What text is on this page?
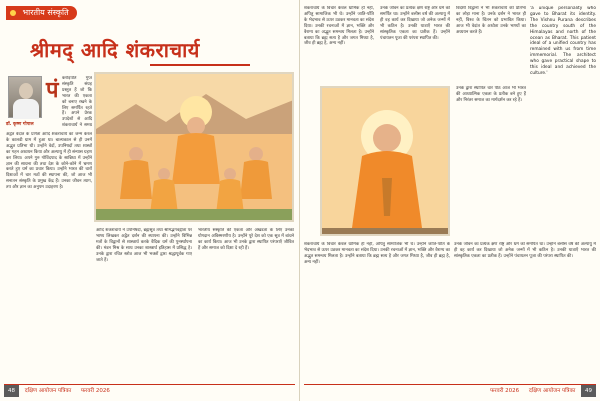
भारतीय संस्कृति
श्रीमद् आदि शंकराचार्य
डॉ. कृष्ण गोपाल
पं करोड़पति गुप्त संस्कृति संग्रह प्रस्तुत हैं जो कि भारत की एकता को बनाए रखने के लिए समर्पित रहते हैं। अपने प्रेरक उपदेशों से आदि शंकराचार्य ने समग्र
अद्वैत वेदांत के प्रणेता आदि शंकराचार्य का जन्म केरल के कालडी ग्राम में हुआ था। बाल्यकाल से ही उनमें अद्भुत प्रतिभा थी। उन्होंने वेदों, उपनिषदों तथा शास्त्रों का गहन अध्ययन किया और अल्पायु में ही संन्यास ग्रहण कर लिया। अपने गुरु गोविंदपाद के सान्निध्य में उन्होंने ज्ञान की साधना की तथा देश के कोने-कोने में भ्रमण करते हुए धर्म का प्रचार किया। उन्होंने भारत की चारों दिशाओं में चार मठों की स्थापना की, जो आज भी सनातन संस्कृति के प्रमुख केंद्र हैं। उनका जीवन त्याग, तप और ज्ञान का अनुपम उदाहरण है।
आदि शंकराचार्य ने उपनिषदों, ब्रह्मसूत्र तथा श्रीमद्भगवद्गीता पर भाष्य लिखकर अद्वैत दर्शन की स्थापना की। उन्होंने विभिन्न मतों के विद्वानों से शास्त्रार्थ करके वैदिक धर्म की पुनर्स्थापना की। मंडन मिश्र के साथ उनका शास्त्रार्थ इतिहास में प्रसिद्ध है। उनके द्वारा रचित स्तोत्र आज भी भक्तों द्वारा श्रद्धापूर्वक गाए जाते हैं।
भारतीय संस्कृति की एकता और अखंडता के लिए उनका योगदान अविस्मरणीय है। उन्होंने पूरे देश को एक सूत्र में बांधने का कार्य किया। आज भी उनके द्वारा स्थापित परंपराएँ जीवित हैं और समाज को दिशा दे रही हैं।
48 दक्षिण आयोजन पत्रिका फरवरी 2026
शंकराचार्य के विचार केवल धार्मिक ही नहीं, अपितु सामाजिक भी थे। उन्होंने जाति-पाँति के भेदभाव से ऊपर उठकर मानवता का संदेश दिया। उनकी रचनाओं में ज्ञान, भक्ति और वैराग्य का अद्भुत समन्वय मिलता है। उन्होंने बताया कि ब्रह्म सत्य है और जगत मिथ्या है, जीव ही ब्रह्म है, अन्य नहीं।
उनके जीवन का प्रत्येक क्षण राष्ट्र और धर्म को समर्पित था। उन्होंने बत्तीस वर्ष की अल्पायु में ही वह कार्य कर दिखाया जो अनेक जन्मों में भी कठिन है। उनकी यात्राएँ भारत की सांस्कृतिक एकता का प्रतीक हैं। उन्होंने पंचायतन पूजा की परंपरा स्थापित की।
विदेशी विद्वानों ने भी शंकराचार्य की प्रतिभा का लोहा माना है। उनके दर्शन ने भारत ही नहीं, विश्व के चिंतन को प्रभावित किया। आज भी वेदांत के अध्येता उनके भाष्यों का अध्ययन करते हैं।
उनके द्वारा स्थापित चार पीठ आज भी भारत की आध्यात्मिक एकता के प्रतीक बने हुए हैं और निरंतर समाज का मार्गदर्शन कर रहे हैं।
'a unique personality who gave to Bharat its identity. The Vishnu Purana describes the country south of the Himalayas and north of the ocean as Bharat. This patient ideal of a unified country has remained with us from time immemorial. The architect who gave practical shape to this ideal and achieved the culture.'
शंकराचार्य के विचार केवल धार्मिक ही नहीं, अपितु सामाजिक भी थे। उन्होंने जाति-पाँति के भेदभाव से ऊपर उठकर मानवता का संदेश दिया। उनकी रचनाओं में ज्ञान, भक्ति और वैराग्य का अद्भुत समन्वय मिलता है। उन्होंने बताया कि ब्रह्म सत्य है और जगत मिथ्या है, जीव ही ब्रह्म है, अन्य नहीं।
उनके जीवन का प्रत्येक क्षण राष्ट्र और धर्म को समर्पित था। उन्होंने बत्तीस वर्ष की अल्पायु में ही वह कार्य कर दिखाया जो अनेक जन्मों में भी कठिन है। उनकी यात्राएँ भारत की सांस्कृतिक एकता का प्रतीक हैं। उन्होंने पंचायतन पूजा की परंपरा स्थापित की।
फरवरी 2026 दक्षिण आयोजन पत्रिका 49
